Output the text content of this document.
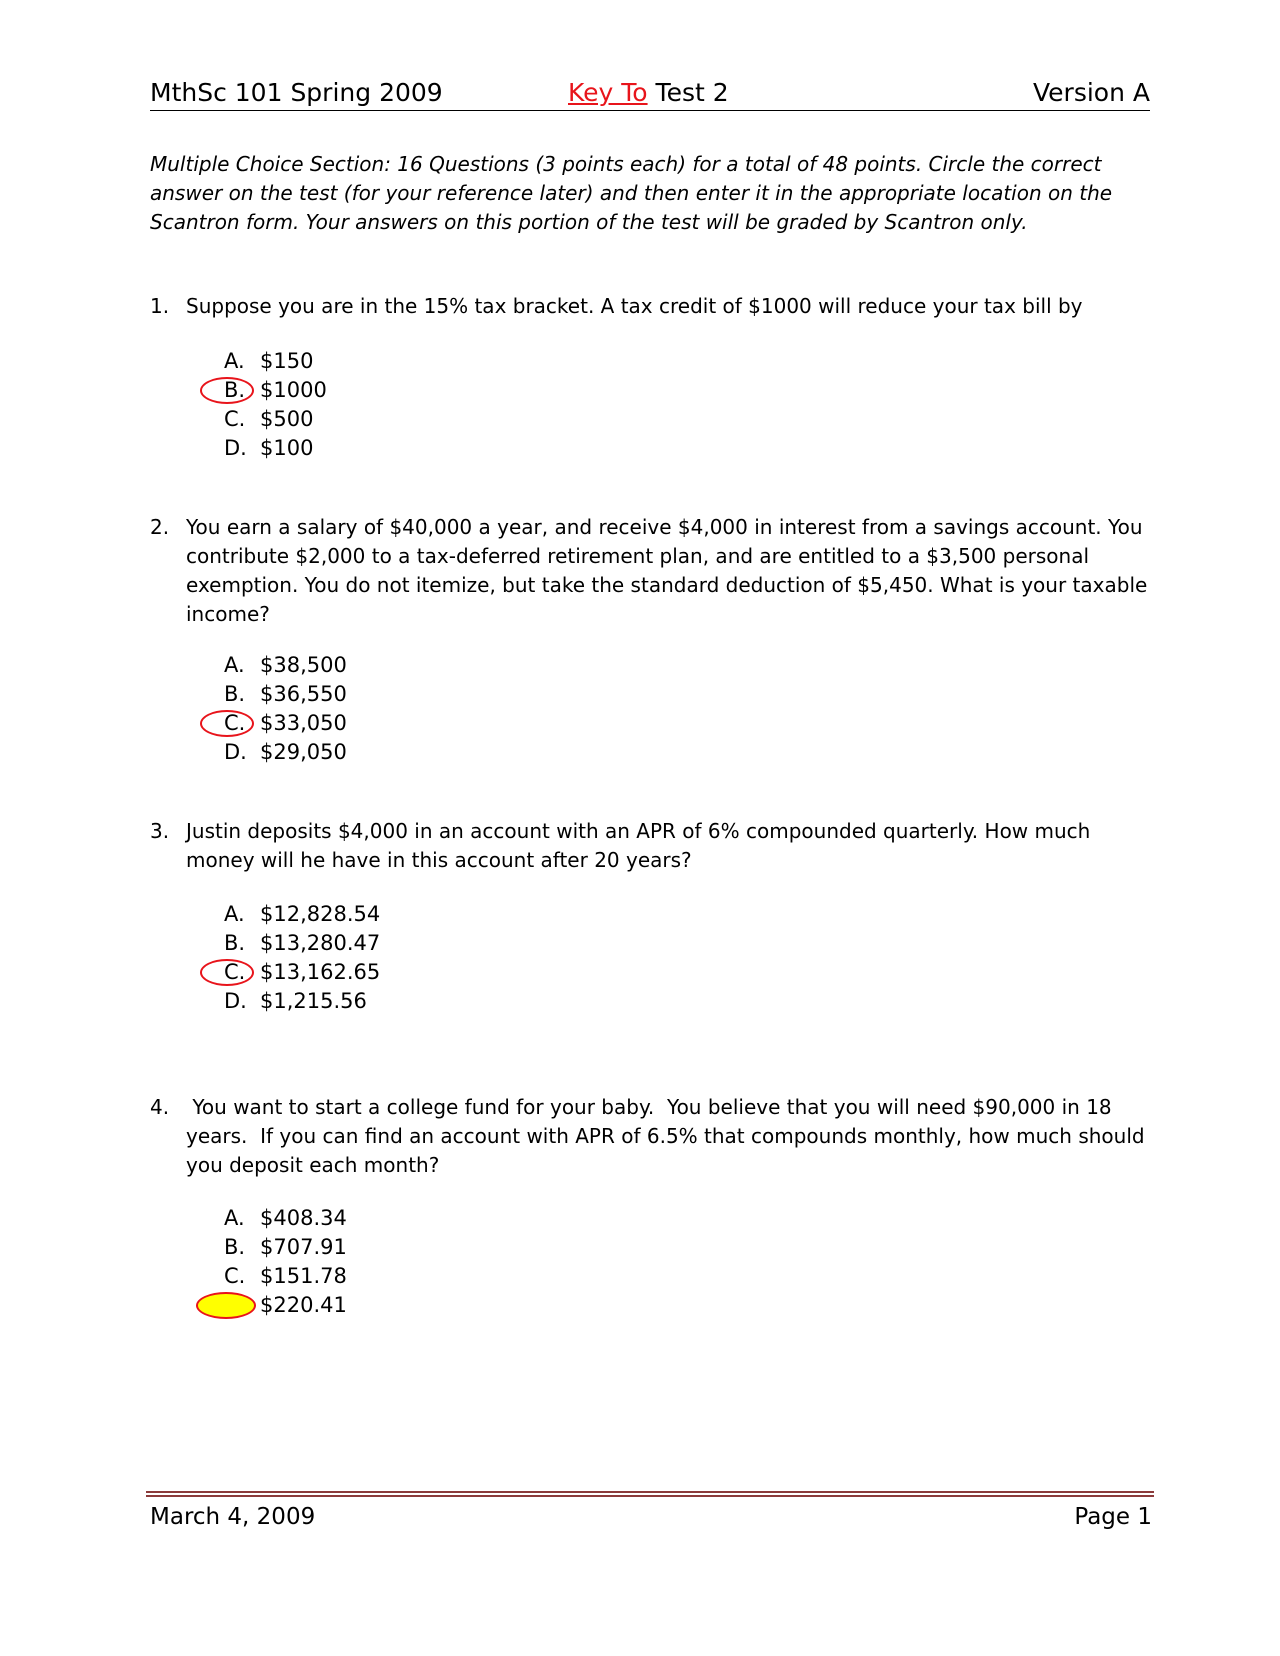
MthSc 101 Spring 2009	Key To Test 2	Version A

Multiple Choice Section: 16 Questions (3 points each) for a total of 48 points. Circle the correct answer on the test (for your reference later) and then enter it in the appropriate location on the Scantron form. Your answers on this portion of the test will be graded by Scantron only.

1. Suppose you are in the 15% tax bracket. A tax credit of $1000 will reduce your tax bill by

A. $150
B. $1000
C. $500
D. $100
2. You earn a salary of $40,000 a year, and receive $4,000 in interest from a savings account. You contribute $2,000 to a tax-deferred retirement plan, and are entitled to a $3,500 personal exemption. You do not itemize, but take the standard deduction of $5,450. What is your taxable income?

A. $38,500
B. $36,550
C. $33,050
D. $29,050
3. Justin deposits $4,000 in an account with an APR of 6% compounded quarterly. How much money will he have in this account after 20 years?

A. $12,828.54
B. $13,280.47
C. $13,162.65
D. $1,215.56
4. You want to start a college fund for your baby.  You believe that you will need $90,000 in 18 years.  If you can find an account with APR of 6.5% that compounds monthly, how much should you deposit each month?

A. $408.34
B. $707.91
C. $151.78
$220.41
March 4, 2009	Page 1
